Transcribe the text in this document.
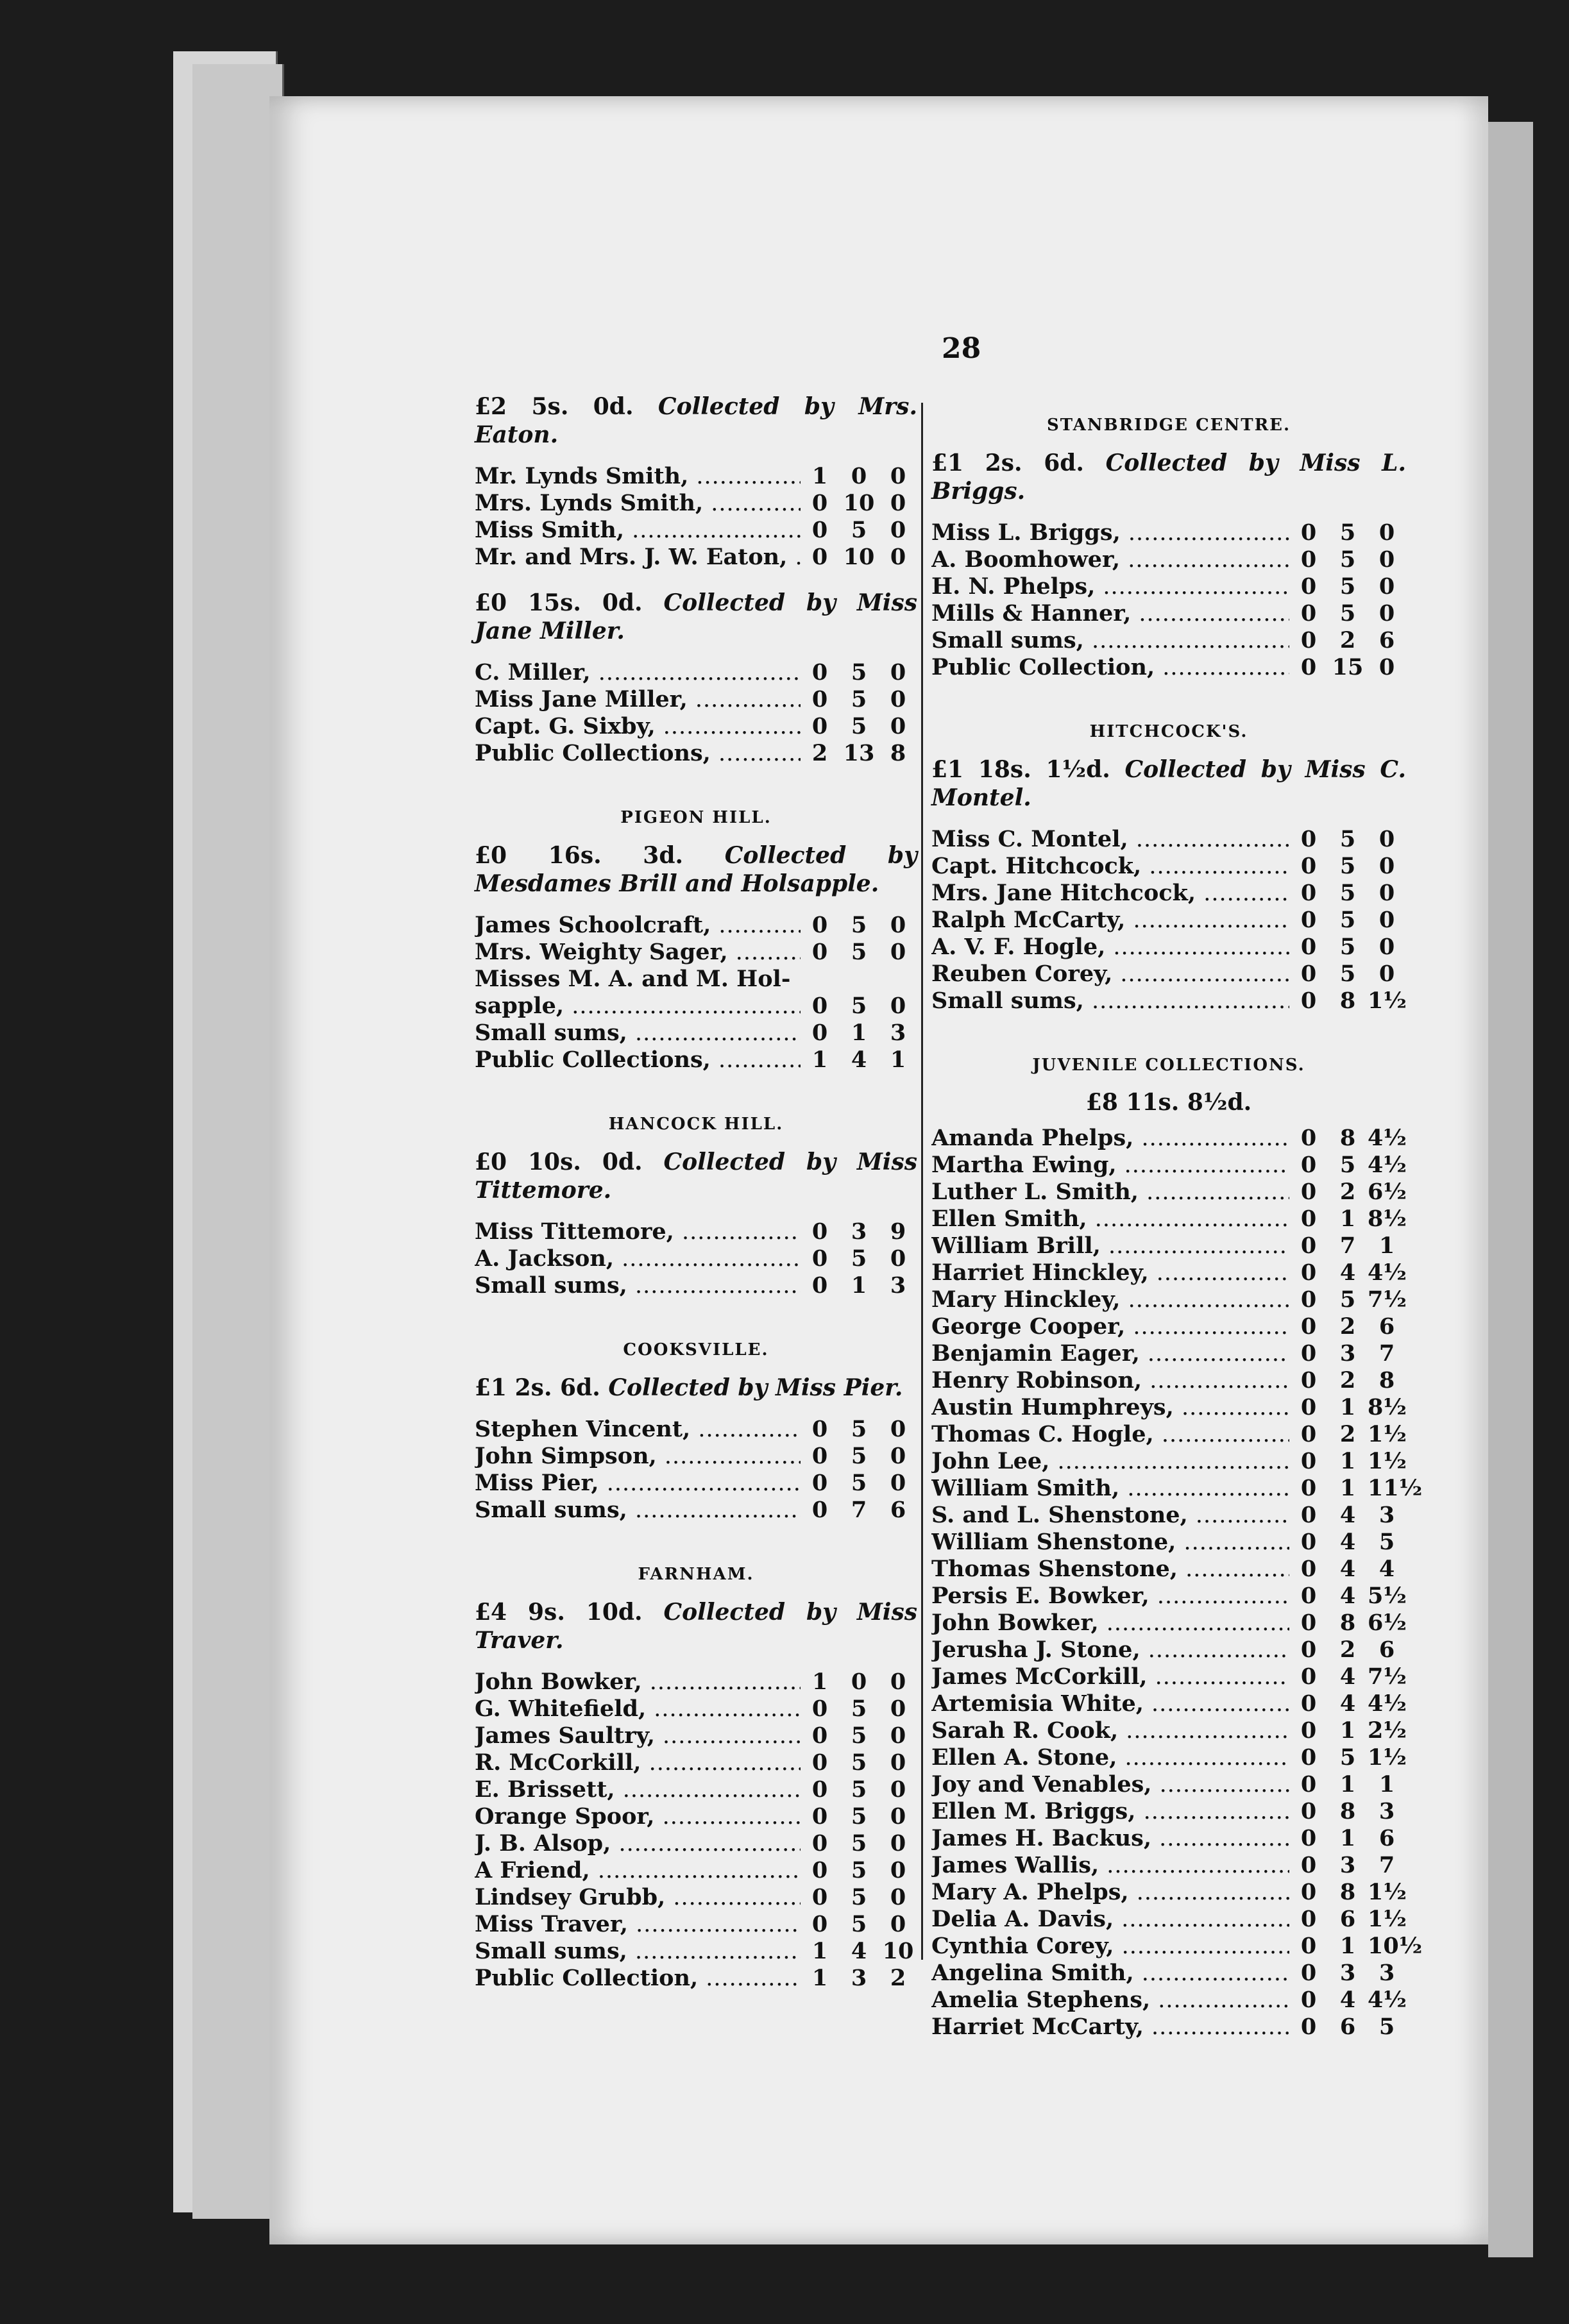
28
£2 5s. 0d. Collected by Mrs. Eaton.
Mr. Lynds Smith, .....	1	0	0
Mrs. Lynds Smith, .....	0 10 0
Miss Smith, .....	0	5	0
Mr. and Mrs. J. W. Eaton, .....	0 10 0
£0 15s. 0d. Collected by Miss Jane Miller.
C. Miller, .....	0	5	0
Miss Jane Miller, .....	0	5	0
Capt. G. Sixby, .....	0	5	0
Public Collections, .....	2 13 8
PIGEON HILL.
£0 16s. 3d. Collected by Mesdames Brill and Holsapple.
James Schoolcraft, .....	0	5	0
Mrs. Weighty Sager, .....	0	5	0
Misses M. A. and M. Hol-
sapple, .....	0	5	0
Small sums, .....	0	1	3
Public Collections, .....	1	4	1
HANCOCK HILL.
£0 10s. 0d. Collected by Miss Tittemore.
Miss Tittemore, .....	0	3	9
A. Jackson, .....	0	5	0
Small sums, .....	0	1	3
COOKSVILLE.
£1 2s. 6d. Collected by Miss Pier.
Stephen Vincent, .....	0	5	0
John Simpson, .....	0	5	0
Miss Pier, .....	0	5	0
Small sums, .....	0	7	6
FARNHAM.
£4 9s. 10d. Collected by Miss Traver.
John Bowker, .....	1	0	0
G. Whitefield, .....	0	5	0
James Saultry, .....	0	5	0
R. McCorkill, .....	0	5	0
E. Brissett, .....	0	5	0
Orange Spoor, .....	0	5	0
J. B. Alsop, .....	0	5	0
A Friend, .....	0	5	0
Lindsey Grubb, .....	0	5	0
Miss Traver, .....	0	5	0
Small sums, .....	1	4 10
Public Collection, .....	1	3	2
STANBRIDGE CENTRE.
£1 2s. 6d. Collected by Miss L. Briggs.
Miss L. Briggs, .....	0	5	0
A. Boomhower, .....	0	5	0
H. N. Phelps, .....	0	5	0
Mills & Hanner, .....	0	5	0
Small sums, .....	0	2	6
Public Collection, .....	0 15 0
HITCHCOCK'S.
£1 18s. 1½d. Collected by Miss C. Montel.
Miss C. Montel, .....	0	5	0
Capt. Hitchcock, .....	0	5	0
Mrs. Jane Hitchcock, .....	0	5	0
Ralph McCarty, .....	0	5	0
A. V. F. Hogle, .....	0	5	0
Reuben Corey, .....	0	5	0
Small sums, .....	0	8 1½
JUVENILE COLLECTIONS.
£8 11s. 8½d.
Amanda Phelps, .....	0	8 4½
Martha Ewing, .....	0	5 4½
Luther L. Smith, .....	0	2 6½
Ellen Smith, .....	0	1 8½
William Brill, .....	0	7	1
Harriet Hinckley, .....	0	4 4½
Mary Hinckley, .....	0	5 7½
George Cooper, .....	0	2	6
Benjamin Eager, .....	0	3	7
Henry Robinson, .....	0	2	8
Austin Humphreys, .....	0	1 8½
Thomas C. Hogle, .....	0	2 1½
John Lee, .....	0	1 1½
William Smith, .....	0	1 11½
S. and L. Shenstone, .....	0	4	3
William Shenstone, .....	0	4	5
Thomas Shenstone, .....	0	4	4
Persis E. Bowker, .....	0	4 5½
John Bowker, .....	0	8 6½
Jerusha J. Stone, .....	0	2	6
James McCorkill, .....	0	4 7½
Artemisia White, .....	0	4 4½
Sarah R. Cook, .....	0	1 2½
Ellen A. Stone, .....	0	5 1½
Joy and Venables, .....	0	1	1
Ellen M. Briggs, .....	0	8	3
James H. Backus, .....	0	1	6
James Wallis, .....	0	3	7
Mary A. Phelps, .....	0	8 1½
Delia A. Davis, .....	0	6 1½
Cynthia Corey, .....	0	1 10½
Angelina Smith, .....	0	3	3
Amelia Stephens, .....	0	4 4½
Harriet McCarty, .....	0	6	5
